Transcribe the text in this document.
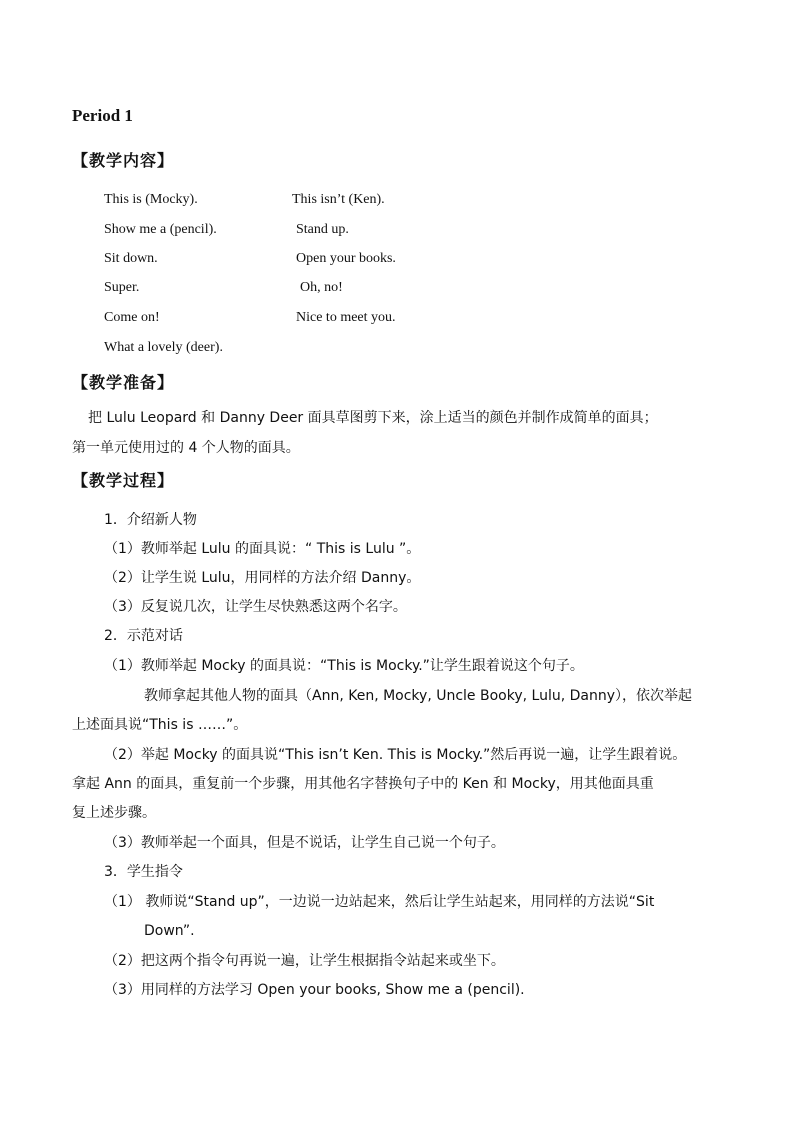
Period 1
【教学内容】
This is (Mocky).	This isn’t (Ken).
Show me a (pencil).	Stand up.
Sit down.	Open your books.
Super.	Oh, no!
Come on!	Nice to meet you.
What a lovely (deer).
【教学准备】
把 Lulu Leopard 和 Danny Deer 面具草图剪下来，涂上适当的颜色并制作成简单的面具；
第一单元使用过的 4 个人物的面具。
【教学过程】
1．介绍新人物
（1）教师举起 Lulu 的面具说：“ This is Lulu ”。
（2）让学生说 Lulu，用同样的方法介绍 Danny。
（3）反复说几次，让学生尽快熟悉这两个名字。
2．示范对话
（1）教师举起 Mocky 的面具说：“This is Mocky.”让学生跟着说这个句子。
教师拿起其他人物的面具（Ann, Ken, Mocky, Uncle Booky, Lulu, Danny），依次举起
上述面具说“This is ……”。
（2）举起 Mocky 的面具说“This isn’t Ken. This is Mocky.”然后再说一遍，让学生跟着说。
拿起 Ann 的面具，重复前一个步骤，用其他名字替换句子中的 Ken 和 Mocky，用其他面具重
复上述步骤。
（3）教师举起一个面具，但是不说话，让学生自己说一个句子。
3．学生指令
（1） 教师说“Stand up”，一边说一边站起来，然后让学生站起来，用同样的方法说“Sit
Down”.
（2）把这两个指令句再说一遍，让学生根据指令站起来或坐下。
（3）用同样的方法学习 Open your books, Show me a (pencil).
